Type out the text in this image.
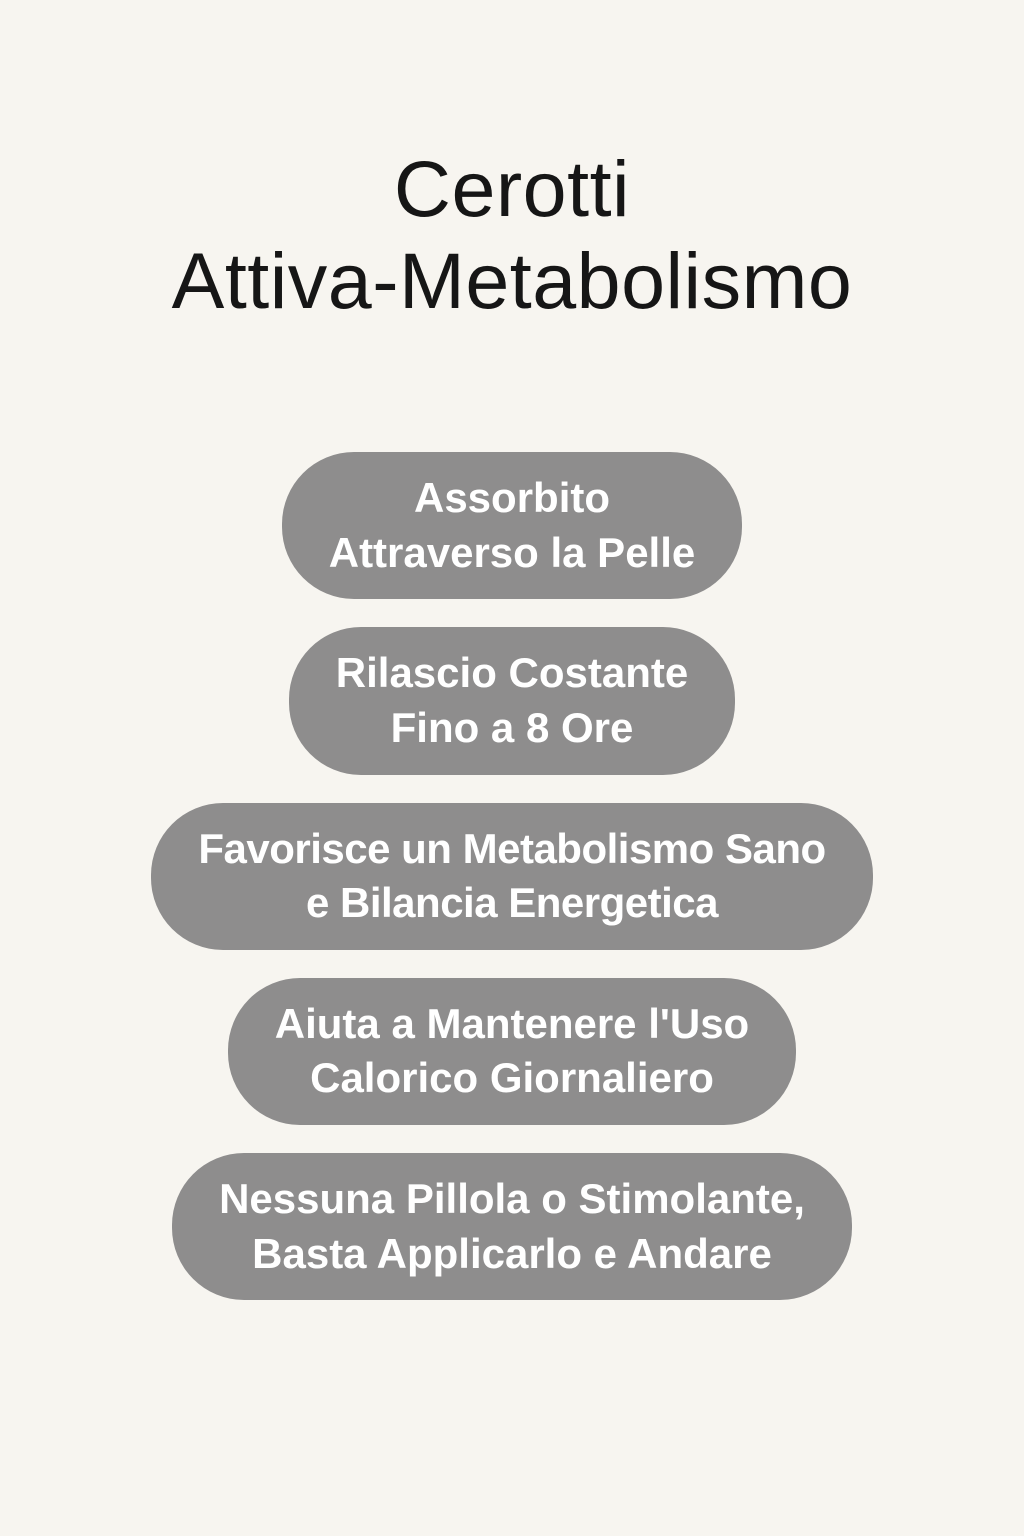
Cerotti
Attiva-Metabolismo
Assorbito
Attraverso la Pelle
Rilascio Costante
Fino a 8 Ore
Favorisce un Metabolismo Sano
e Bilancia Energetica
Aiuta a Mantenere l'Uso
Calorico Giornaliero
Nessuna Pillola o Stimolante,
Basta Applicarlo e Andare
